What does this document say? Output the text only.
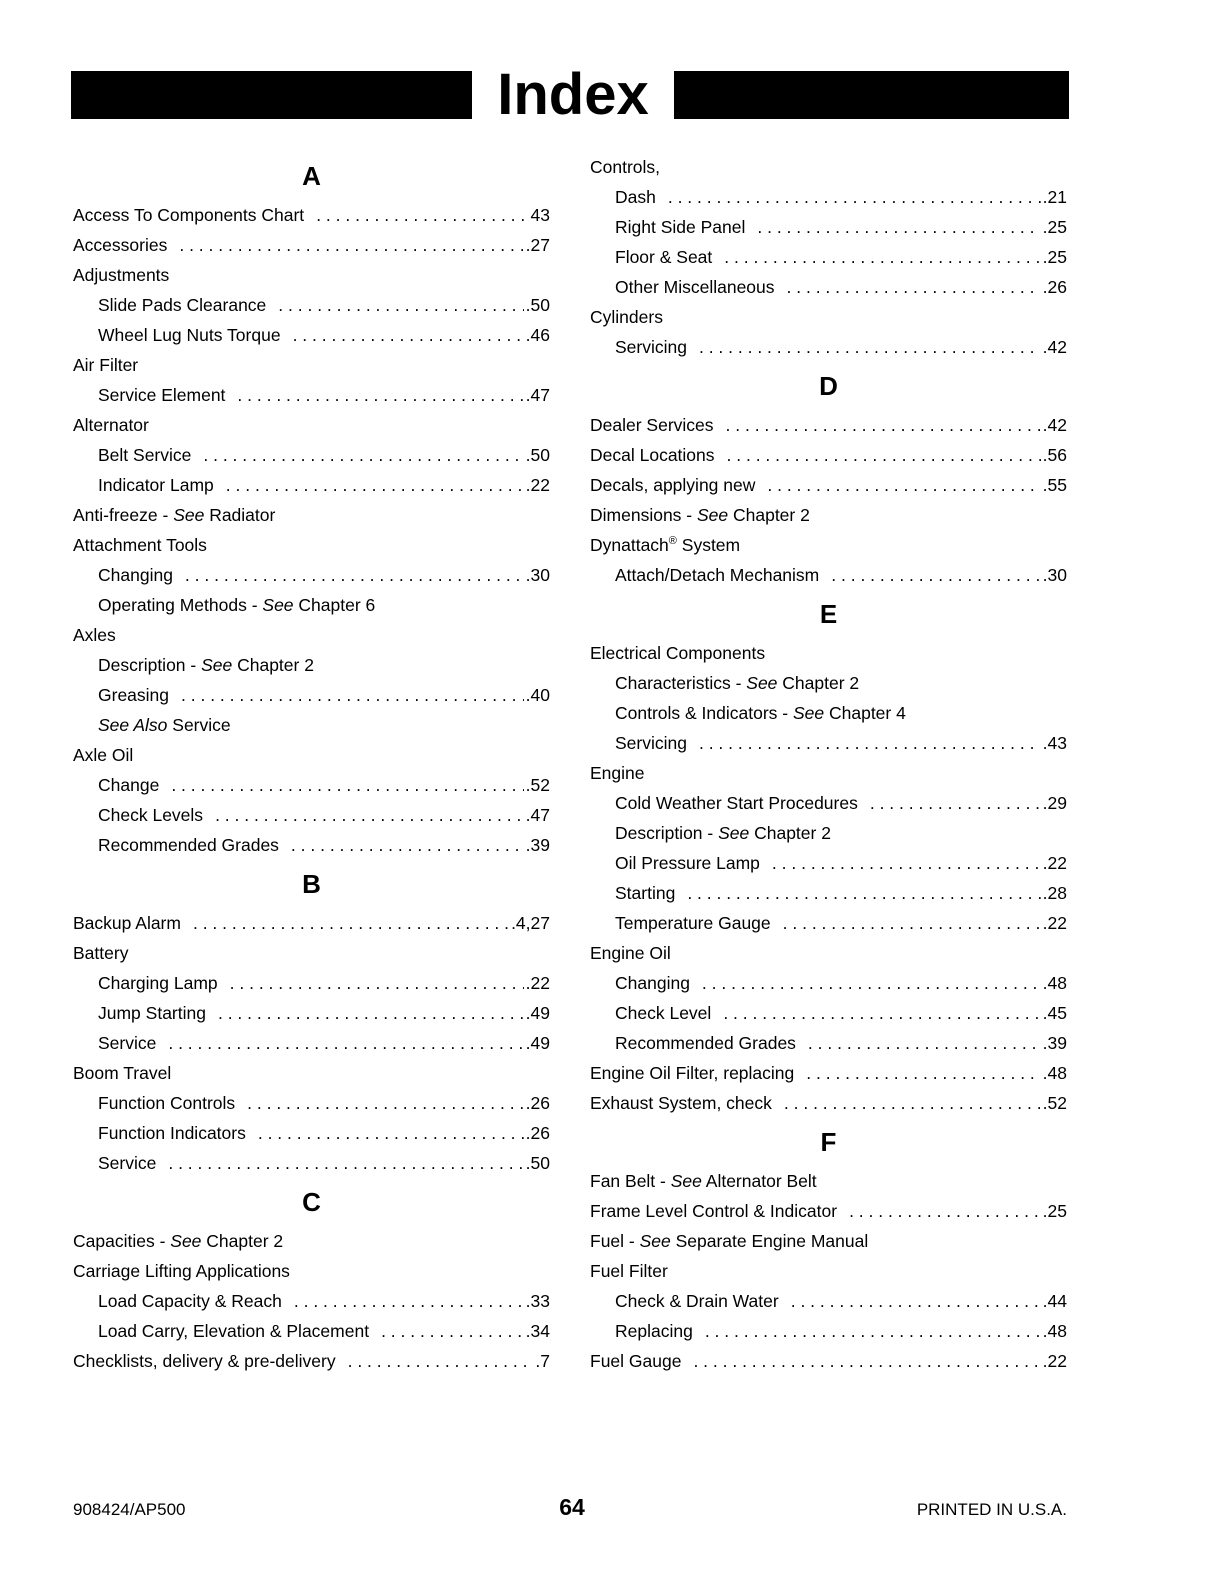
Index
A
Access To Components Chart . . .	43
Accessories . . .	.27
Adjustments
Slide Pads Clearance . . .	.50
Wheel Lug Nuts Torque . . .	.46
Air Filter
Service Element . . .	.47
Alternator
Belt Service . . .	.50
Indicator Lamp . . .	.22
Anti-freeze - See Radiator
Attachment Tools
Changing . . .	.30
Operating Methods - See Chapter 6
Axles
Description - See Chapter 2
Greasing . . .	.40
See Also Service
Axle Oil
Change . . .	.52
Check Levels . . .	.47
Recommended Grades . . .	.39
B
Backup Alarm . . .	.4,27
Battery
Charging Lamp . . .	.22
Jump Starting . . .	.49
Service . . .	.49
Boom Travel
Function Controls . . .	.26
Function Indicators . . .	.26
Service . . .	.50
C
Capacities - See Chapter 2
Carriage Lifting Applications
Load Capacity & Reach . . .	.33
Load Carry, Elevation & Placement . . .	.34
Checklists, delivery & pre-delivery . . .	.7
Controls,
Dash . . .	.21
Right Side Panel . . .	.25
Floor & Seat . . .	.25
Other Miscellaneous . . .	.26
Cylinders
Servicing . . .	.42
D
Dealer Services . . .	.42
Decal Locations . . .	.56
Decals, applying new . . .	.55
Dimensions - See Chapter 2
Dynattach® System
Attach/Detach Mechanism . . .	.30
E
Electrical Components
Characteristics - See Chapter 2
Controls & Indicators - See Chapter 4
Servicing . . .	.43
Engine
Cold Weather Start Procedures . . .	.29
Description - See Chapter 2
Oil Pressure Lamp . . .	.22
Starting . . .	.28
Temperature Gauge . . .	.22
Engine Oil
Changing . . .	.48
Check Level . . .	.45
Recommended Grades . . .	.39
Engine Oil Filter, replacing . . .	.48
Exhaust System, check . . .	.52
F
Fan Belt - See Alternator Belt
Frame Level Control & Indicator . . .	.25
Fuel - See Separate Engine Manual
Fuel Filter
Check & Drain Water . . .	.44
Replacing . . .	.48
Fuel Gauge . . .	.22
908424/AP500	64	PRINTED IN U.S.A.
